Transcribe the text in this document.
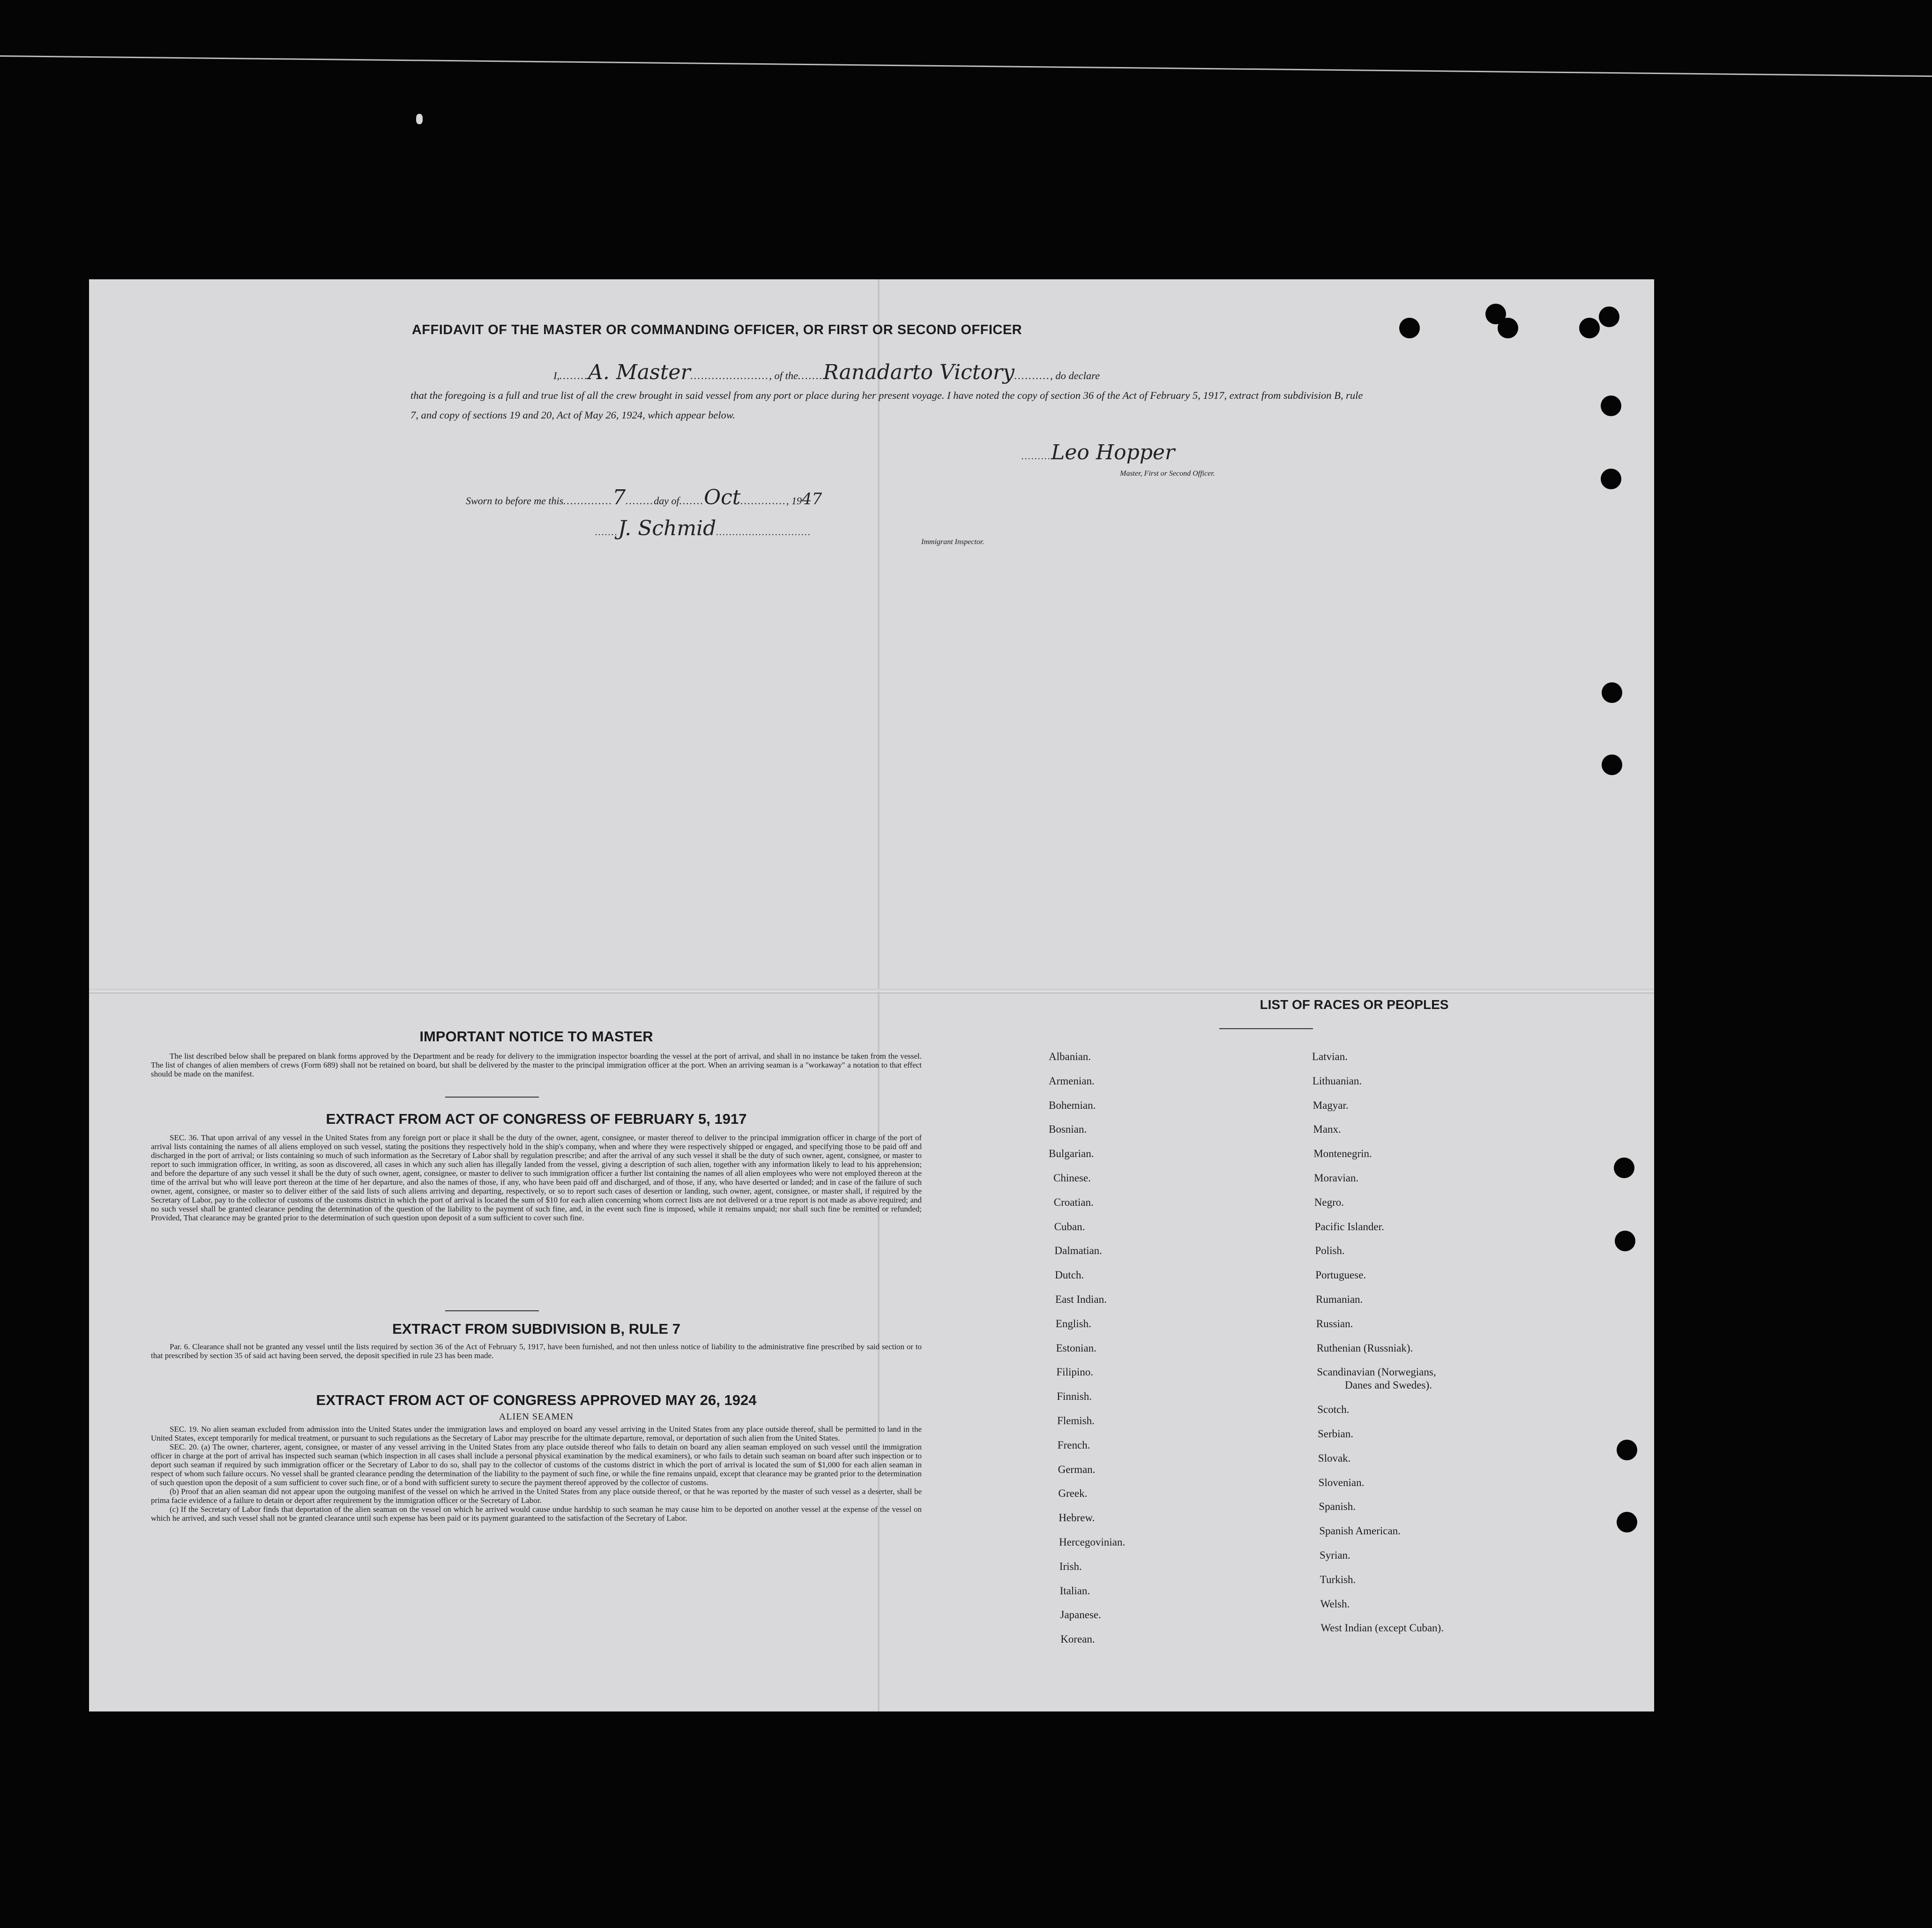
AFFIDAVIT OF THE MASTER OR COMMANDING OFFICER, OR FIRST OR SECOND OFFICER
I,........A. Master......................, of the.......Ranadarto Victory.........., do declare
that the foregoing is a full and true list of all the crew brought in said vessel from any port or place during her present voyage. I have noted the copy of section 36 of the Act of February 5, 1917, extract from subdivision B, rule 7, and copy of sections 19 and 20, Act of May 26, 1924, which appear below.
.........Leo Hopper
Master, First or Second Officer.
Sworn to before me this..............7........day of.......Oct............., 1947
.......J. Schmid.............................
Immigrant Inspector.
IMPORTANT NOTICE TO MASTER
The list described below shall be prepared on blank forms approved by the Department and be ready for delivery to the immigration inspector boarding the vessel at the port of arrival, and shall in no instance be taken from the vessel. The list of changes of alien members of crews (Form 689) shall not be retained on board, but shall be delivered by the master to the principal immigration officer at the port. When an arriving seaman is a "workaway" a notation to that effect should be made on the manifest.
EXTRACT FROM ACT OF CONGRESS OF FEBRUARY 5, 1917
SEC. 36. That upon arrival of any vessel in the United States from any foreign port or place it shall be the duty of the owner, agent, consignee, or master thereof to deliver to the principal immigration officer in charge of the port of arrival lists containing the names of all aliens employed on such vessel, stating the positions they respectively hold in the ship's company, when and where they were respectively shipped or engaged, and specifying those to be paid off and discharged in the port of arrival; or lists containing so much of such information as the Secretary of Labor shall by regulation prescribe; and after the arrival of any such vessel it shall be the duty of such owner, agent, consignee, or master to report to such immigration officer, in writing, as soon as discovered, all cases in which any such alien has illegally landed from the vessel, giving a description of such alien, together with any information likely to lead to his apprehension; and before the departure of any such vessel it shall be the duty of such owner, agent, consignee, or master to deliver to such immigration officer a further list containing the names of all alien employees who were not employed thereon at the time of the arrival but who will leave port thereon at the time of her departure, and also the names of those, if any, who have been paid off and discharged, and of those, if any, who have deserted or landed; and in case of the failure of such owner, agent, consignee, or master so to deliver either of the said lists of such aliens arriving and departing, respectively, or so to report such cases of desertion or landing, such owner, agent, consignee, or master shall, if required by the Secretary of Labor, pay to the collector of customs of the customs district in which the port of arrival is located the sum of $10 for each alien concerning whom correct lists are not delivered or a true report is not made as above required; and no such vessel shall be granted clearance pending the determination of the question of the liability to the payment of such fine, and, in the event such fine is imposed, while it remains unpaid; nor shall such fine be remitted or refunded; Provided, That clearance may be granted prior to the determination of such question upon deposit of a sum sufficient to cover such fine.
EXTRACT FROM SUBDIVISION B, RULE 7
Par. 6. Clearance shall not be granted any vessel until the lists required by section 36 of the Act of February 5, 1917, have been furnished, and not then unless notice of liability to the administrative fine prescribed by said section or to that prescribed by section 35 of said act having been served, the deposit specified in rule 23 has been made.
EXTRACT FROM ACT OF CONGRESS APPROVED MAY 26, 1924
ALIEN SEAMEN
SEC. 19. No alien seaman excluded from admission into the United States under the immigration laws and employed on board any vessel arriving in the United States from any place outside thereof, shall be permitted to land in the United States, except temporarily for medical treatment, or pursuant to such regulations as the Secretary of Labor may prescribe for the ultimate departure, removal, or deportation of such alien from the United States.
SEC. 20. (a) The owner, charterer, agent, consignee, or master of any vessel arriving in the United States from any place outside thereof who fails to detain on board any alien seaman employed on such vessel until the immigration officer in charge at the port of arrival has inspected such seaman (which inspection in all cases shall include a personal physical examination by the medical examiners), or who fails to detain such seaman on board after such inspection or to deport such seaman if required by such immigration officer or the Secretary of Labor to do so, shall pay to the collector of customs of the customs district in which the port of arrival is located the sum of $1,000 for each alien seaman in respect of whom such failure occurs. No vessel shall be granted clearance pending the determination of the liability to the payment of such fine, or while the fine remains unpaid, except that clearance may be granted prior to the determination of such question upon the deposit of a sum sufficient to cover such fine, or of a bond with sufficient surety to secure the payment thereof approved by the collector of customs.
(b) Proof that an alien seaman did not appear upon the outgoing manifest of the vessel on which he arrived in the United States from any place outside thereof, or that he was reported by the master of such vessel as a deserter, shall be prima facie evidence of a failure to detain or deport after requirement by the immigration officer or the Secretary of Labor.
(c) If the Secretary of Labor finds that deportation of the alien seaman on the vessel on which he arrived would cause undue hardship to such seaman he may cause him to be deported on another vessel at the expense of the vessel on which he arrived, and such vessel shall not be granted clearance until such expense has been paid or its payment guaranteed to the satisfaction of the Secretary of Labor.
LIST OF RACES OR PEOPLES
Albanian.
Armenian.
Bohemian.
Bosnian.
Bulgarian.
Chinese.
Croatian.
Cuban.
Dalmatian.
Dutch.
East Indian.
English.
Estonian.
Filipino.
Finnish.
Flemish.
French.
German.
Greek.
Hebrew.
Hercegovinian.
Irish.
Italian.
Japanese.
Korean.
Latvian.
Lithuanian.
Magyar.
Manx.
Montenegrin.
Moravian.
Negro.
Pacific Islander.
Polish.
Portuguese.
Rumanian.
Russian.
Ruthenian (Russniak).
Scandinavian (Norwegians,
Danes and Swedes).
Scotch.
Serbian.
Slovak.
Slovenian.
Spanish.
Spanish American.
Syrian.
Turkish.
Welsh.
West Indian (except Cuban).
